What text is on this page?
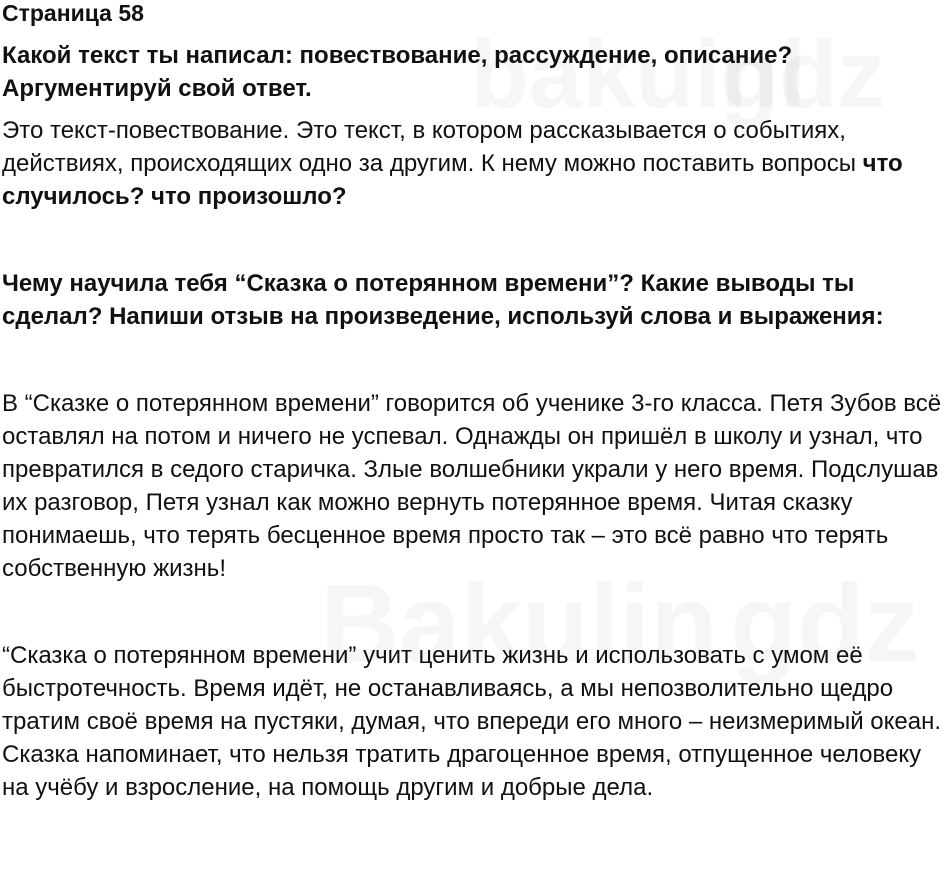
Страница 58

Какой текст ты написал: повествование, рассуждение, описание? Аргументируй свой ответ.

Это текст-повествование. Это текст, в котором рассказывается о событиях, действиях, происходящих одно за другим. К нему можно поставить вопросы что случилось? что произошло?

Чему научила тебя “Сказка о потерянном времени”? Какие выводы ты сделал? Напиши отзыв на произведение, используй слова и выражения:

В “Сказке о потерянном времени” говорится об ученике 3-го класса. Петя Зубов всё оставлял на потом и ничего не успевал. Однажды он пришёл в школу и узнал, что превратился в седого старичка. Злые волшебники украли у него время. Подслушав их разговор, Петя узнал как можно вернуть потерянное время. Читая сказку понимаешь, что терять бесценное время просто так – это всё равно что терять собственную жизнь!

“Сказка о потерянном времени” учит ценить жизнь и использовать с умом её быстротечность. Время идёт, не останавливаясь, а мы непозволительно щедро тратим своё время на пустяки, думая, что впереди его много – неизмеримый океан. Сказка напоминает, что нельзя тратить драгоценное время, отпущенное человеку на учёбу и взросление, на помощь другим и добрые дела.
